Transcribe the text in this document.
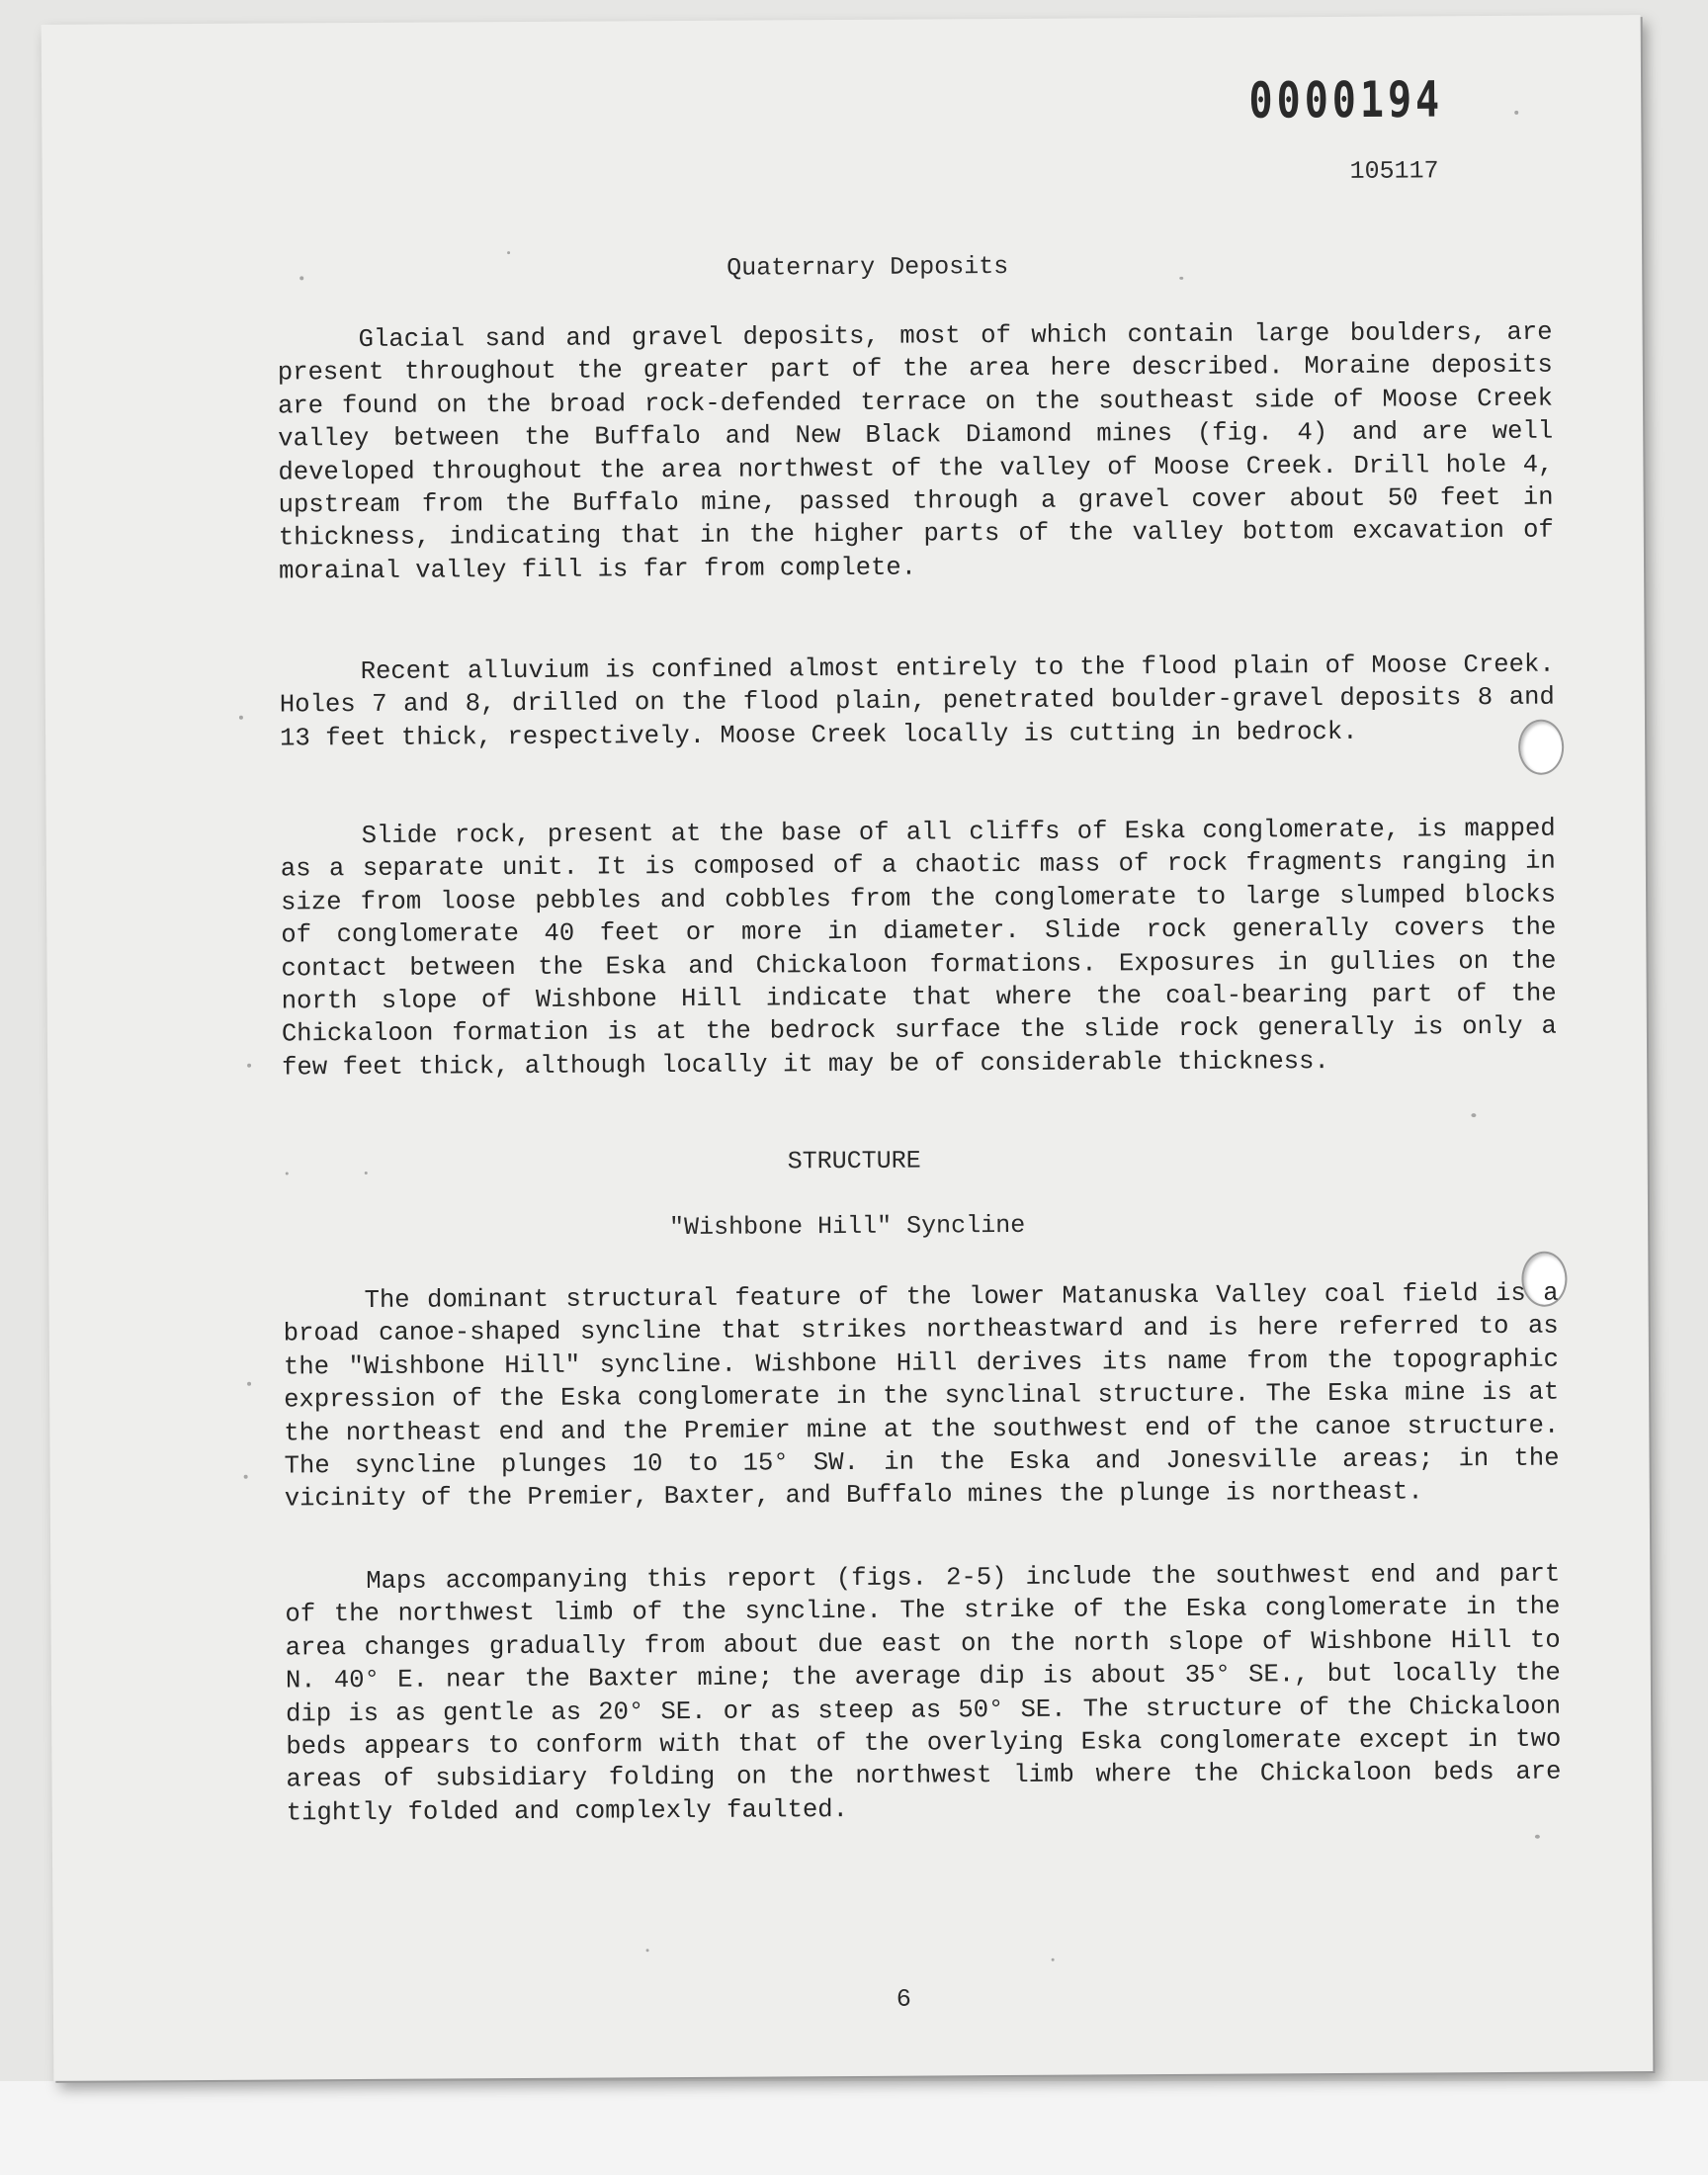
0000194
105117
Quaternary Deposits

Glacial sand and gravel deposits, most of which contain large boulders, are present throughout the greater part of the area here described. Moraine deposits are found on the broad rock-defended terrace on the southeast side of Moose Creek valley between the Buffalo and New Black Diamond mines (fig. 4) and are well developed throughout the area northwest of the valley of Moose Creek. Drill hole 4, upstream from the Buffalo mine, passed through a gravel cover about 50 feet in thickness, indicating that in the higher parts of the valley bottom excavation of morainal valley fill is far from complete.

Recent alluvium is confined almost entirely to the flood plain of Moose Creek. Holes 7 and 8, drilled on the flood plain, penetrated boulder-gravel deposits 8 and 13 feet thick, respectively. Moose Creek locally is cutting in bedrock.

Slide rock, present at the base of all cliffs of Eska conglomerate, is mapped as a separate unit. It is composed of a chaotic mass of rock fragments ranging in size from loose pebbles and cobbles from the conglomerate to large slumped blocks of conglomerate 40 feet or more in diameter. Slide rock generally covers the contact between the Eska and Chickaloon formations. Exposures in gullies on the north slope of Wishbone Hill indicate that where the coal-bearing part of the Chickaloon formation is at the bedrock surface the slide rock generally is only a few feet thick, although locally it may be of considerable thickness.

STRUCTURE
"Wishbone Hill" Syncline

The dominant structural feature of the lower Matanuska Valley coal field is a broad canoe-shaped syncline that strikes northeastward and is here referred to as the "Wishbone Hill" syncline. Wishbone Hill derives its name from the topographic expression of the Eska conglomerate in the synclinal structure. The Eska mine is at the northeast end and the Premier mine at the southwest end of the canoe structure. The syncline plunges 10 to 15° SW. in the Eska and Jonesville areas; in the vicinity of the Premier, Baxter, and Buffalo mines the plunge is northeast.

Maps accompanying this report (figs. 2-5) include the southwest end and part of the northwest limb of the syncline. The strike of the Eska conglomerate in the area changes gradually from about due east on the north slope of Wishbone Hill to N. 40° E. near the Baxter mine; the average dip is about 35° SE., but locally the dip is as gentle as 20° SE. or as steep as 50° SE. The structure of the Chickaloon beds appears to conform with that of the overlying Eska conglomerate except in two areas of subsidiary folding on the northwest limb where the Chickaloon beds are tightly folded and complexly faulted.

6
